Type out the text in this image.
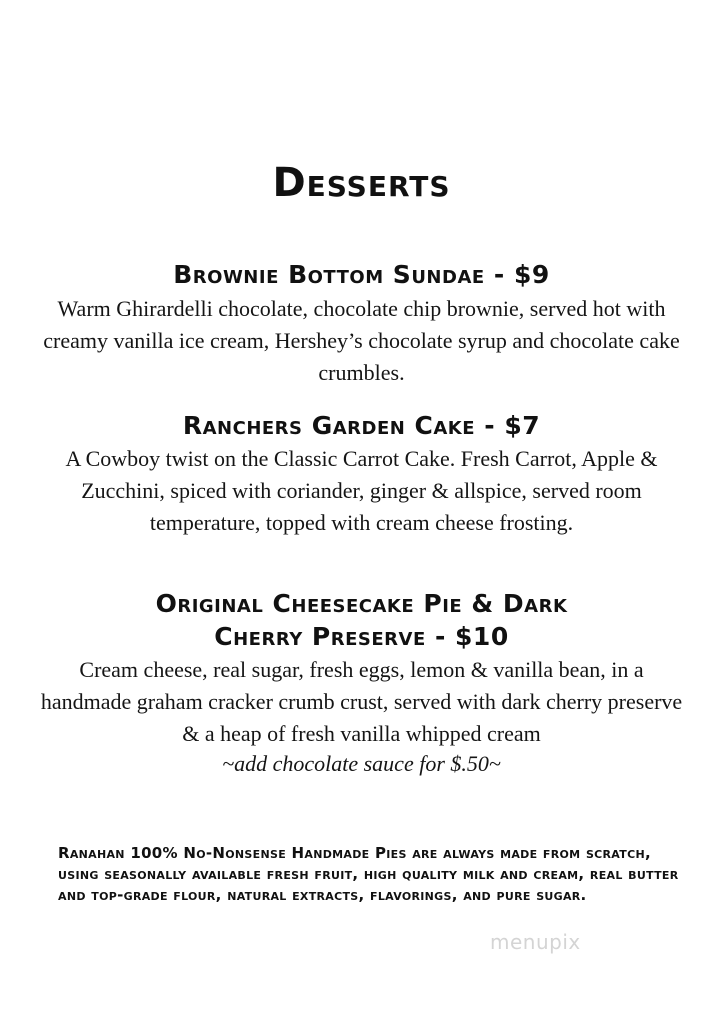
Desserts
Brownie Bottom Sundae - $9

Warm Ghirardelli chocolate, chocolate chip brownie, served hot with creamy vanilla ice cream, Hershey’s chocolate syrup and chocolate cake crumbles.

Ranchers Garden Cake - $7

A Cowboy twist on the Classic Carrot Cake. Fresh Carrot, Apple & Zucchini, spiced with coriander, ginger & allspice, served room temperature, topped with cream cheese frosting.

Original Cheesecake Pie & Dark
Cherry Preserve - $10

Cream cheese, real sugar, fresh eggs, lemon & vanilla bean, in a handmade graham cracker crumb crust, served with dark cherry preserve & a heap of fresh vanilla whipped cream

~add chocolate sauce for $.50~

Ranahan 100% No-Nonsense Handmade Pies are always made from scratch, using seasonally available fresh fruit, high quality milk and cream, real butter and top-grade flour, natural extracts, flavorings, and pure sugar.

menupix
